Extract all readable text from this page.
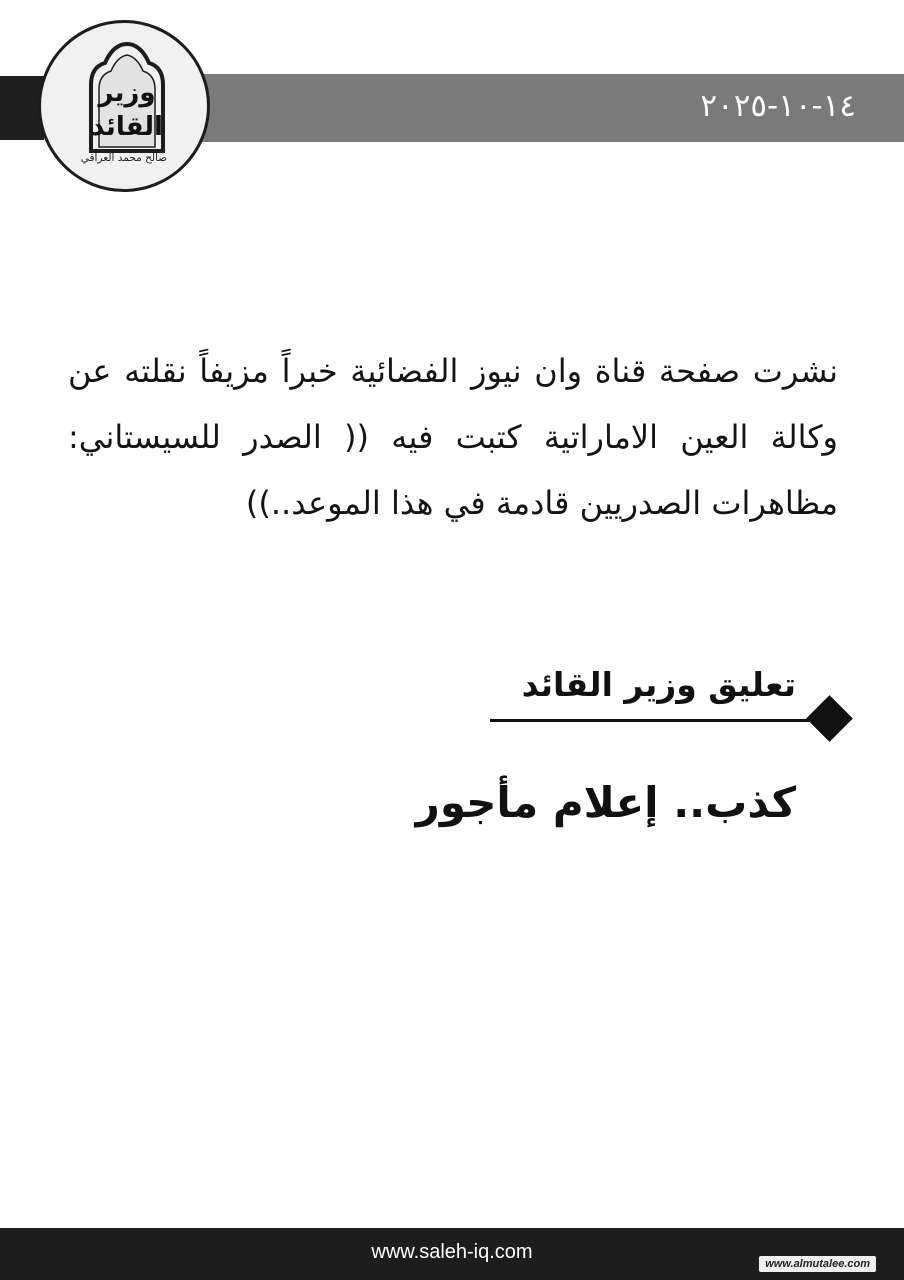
١٤-١٠-٢٠٢٥
وزير
القائد
صالح محمد العراقي
نشرت صفحة قناة وان نيوز الفضائية خبراً مزيفاً نقلته عن وكالة العين الاماراتية كتبت فيه (( الصدر للسيستاني: مظاهرات الصدريين قادمة في هذا الموعد..))
تعليق وزير القائد
كذب.. إعلام مأجور
www.saleh-iq.com
www.almutalee.com
